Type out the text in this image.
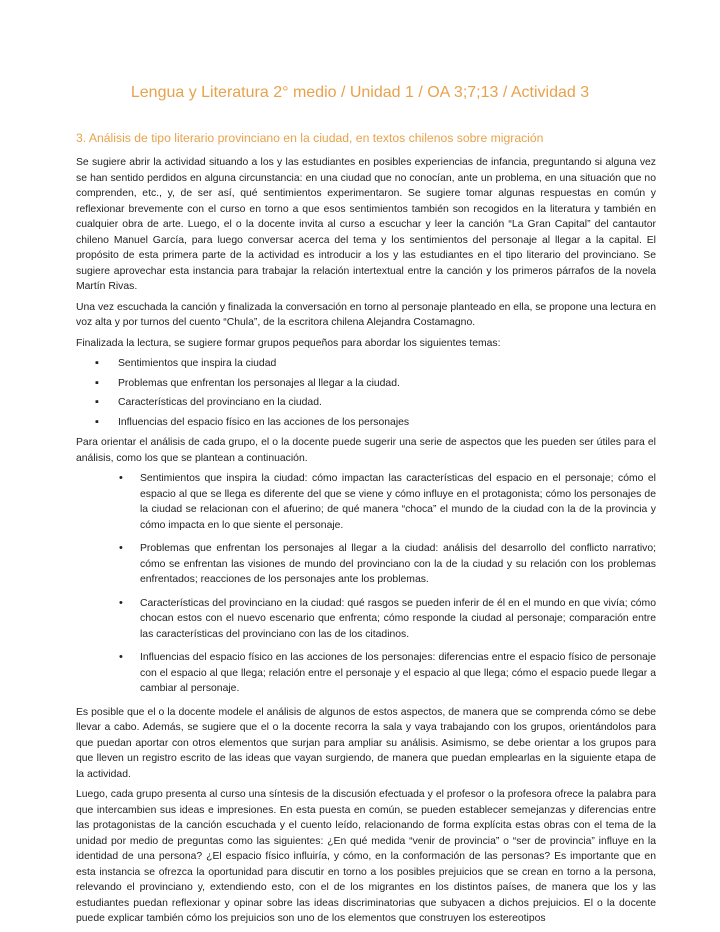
Lengua y Literatura 2° medio / Unidad 1 / OA 3;7;13 / Actividad 3
3. Análisis de tipo literario provinciano en la ciudad, en textos chilenos sobre migración

Se sugiere abrir la actividad situando a los y las estudiantes en posibles experiencias de infancia, preguntando si alguna vez se han sentido perdidos en alguna circunstancia: en una ciudad que no conocían, ante un problema, en una situación que no comprenden, etc., y, de ser así, qué sentimientos experimentaron. Se sugiere tomar algunas respuestas en común y reflexionar brevemente con el curso en torno a que esos sentimientos también son recogidos en la literatura y también en cualquier obra de arte. Luego, el o la docente invita al curso a escuchar y leer la canción “La Gran Capital” del cantautor chileno Manuel García, para luego conversar acerca del tema y los sentimientos del personaje al llegar a la capital. El propósito de esta primera parte de la actividad es introducir a los y las estudiantes en el tipo literario del provinciano. Se sugiere aprovechar esta instancia para trabajar la relación intertextual entre la canción y los primeros párrafos de la novela Martín Rivas.

Una vez escuchada la canción y finalizada la conversación en torno al personaje planteado en ella, se propone una lectura en voz alta y por turnos del cuento “Chula”, de la escritora chilena Alejandra Costamagno.

Finalizada la lectura, se sugiere formar grupos pequeños para abordar los siguientes temas:

▪ Sentimientos que inspira la ciudad
▪ Problemas que enfrentan los personajes al llegar a la ciudad.
▪ Características del provinciano en la ciudad.
▪ Influencias del espacio físico en las acciones de los personajes

Para orientar el análisis de cada grupo, el o la docente puede sugerir una serie de aspectos que les pueden ser útiles para el análisis, como los que se plantean a continuación.

• Sentimientos que inspira la ciudad: cómo impactan las características del espacio en el personaje; cómo el espacio al que se llega es diferente del que se viene y cómo influye en el protagonista; cómo los personajes de la ciudad se relacionan con el afuerino; de qué manera “choca” el mundo de la ciudad con la de la provincia y cómo impacta en lo que siente el personaje.
• Problemas que enfrentan los personajes al llegar a la ciudad: análisis del desarrollo del conflicto narrativo; cómo se enfrentan las visiones de mundo del provinciano con la de la ciudad y su relación con los problemas enfrentados; reacciones de los personajes ante los problemas.
• Características del provinciano en la ciudad: qué rasgos se pueden inferir de él en el mundo en que vivía; cómo chocan estos con el nuevo escenario que enfrenta; cómo responde la ciudad al personaje; comparación entre las características del provinciano con las de los citadinos.
• Influencias del espacio físico en las acciones de los personajes: diferencias entre el espacio físico de personaje con el espacio al que llega; relación entre el personaje y el espacio al que llega; cómo el espacio puede llegar a cambiar al personaje.

Es posible que el o la docente modele el análisis de algunos de estos aspectos, de manera que se comprenda cómo se debe llevar a cabo. Además, se sugiere que el o la docente recorra la sala y vaya trabajando con los grupos, orientándolos para que puedan aportar con otros elementos que surjan para ampliar su análisis. Asimismo, se debe orientar a los grupos para que lleven un registro escrito de las ideas que vayan surgiendo, de manera que puedan emplearlas en la siguiente etapa de la actividad.

Luego, cada grupo presenta al curso una síntesis de la discusión efectuada y el profesor o la profesora ofrece la palabra para que intercambien sus ideas e impresiones. En esta puesta en común, se pueden establecer semejanzas y diferencias entre las protagonistas de la canción escuchada y el cuento leído, relacionando de forma explícita estas obras con el tema de la unidad por medio de preguntas como las siguientes: ¿En qué medida “venir de provincia” o “ser de provincia” influye en la identidad de una persona? ¿El espacio físico influiría, y cómo, en la conformación de las personas? Es importante que en esta instancia se ofrezca la oportunidad para discutir en torno a los posibles prejuicios que se crean en torno a la persona, relevando el provinciano y, extendiendo esto, con el de los migrantes en los distintos países, de manera que los y las estudiantes puedan reflexionar y opinar sobre las ideas discriminatorias que subyacen a dichos prejuicios. El o la docente puede explicar también cómo los prejuicios son uno de los elementos que construyen los estereotipos
